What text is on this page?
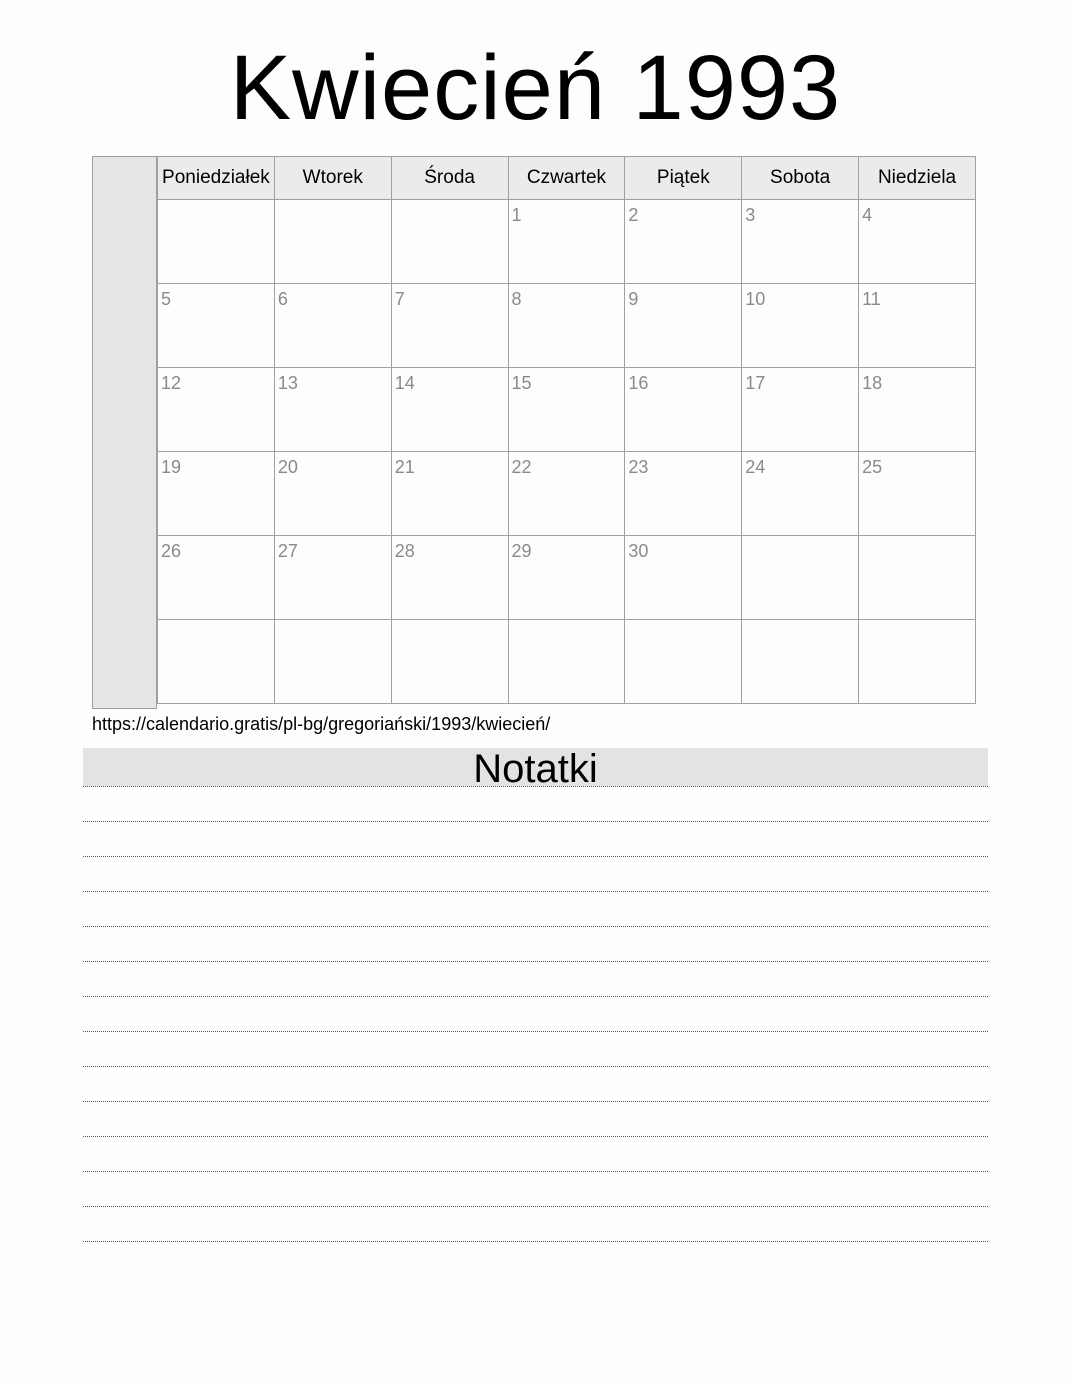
Kwiecień 1993
Poniedziałek	Wtorek	Środa	Czwartek	Piątek	Sobota	Niedziela

			1	2	3	4

5	6	7	8	9	10	11

12	13	14	15	16	17	18

19	20	21	22	23	24	25

26	27	28	29	30		

https://calendario.gratis/pl-bg/gregoriański/1993/kwiecień/
Notatki
